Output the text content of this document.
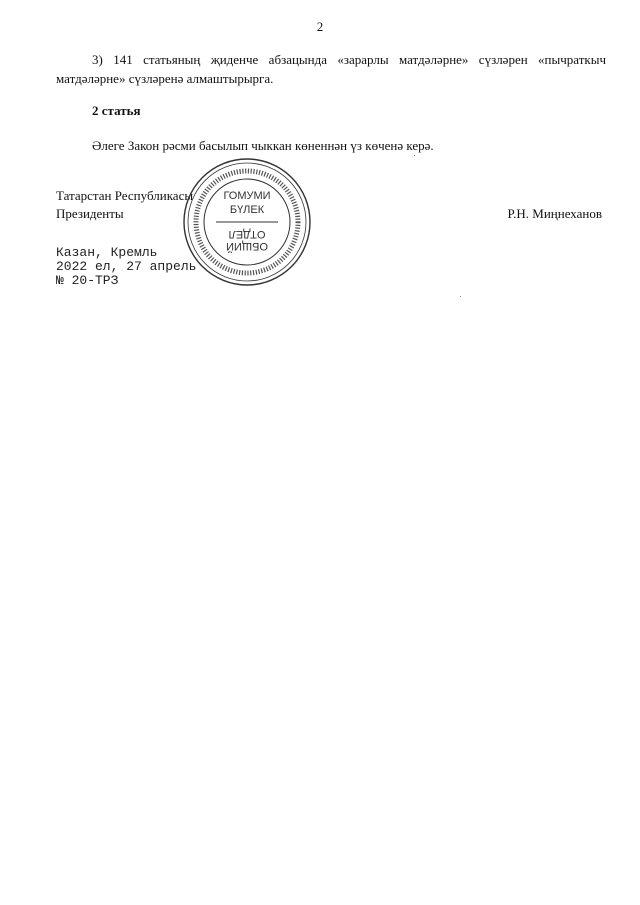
2
3) 141 статьяның җиденче абзацында «зарарлы матдәләрне» сүзләрен «пычраткыч матдәләрне» сүзләренә алмаштырырга.
2 статья
Әлеге Закон рәсми басылып чыккан көненнән үз көченә керә.
Татарстан Республикасы
Президенты	Р.Н. Миңнеханов
Казан, Кремль
2022 ел, 27 апрель
№ 20-ТРЗ
ГОМУМИ
БҮЛЕК
ОБЩИЙ
ОТДЕЛ
